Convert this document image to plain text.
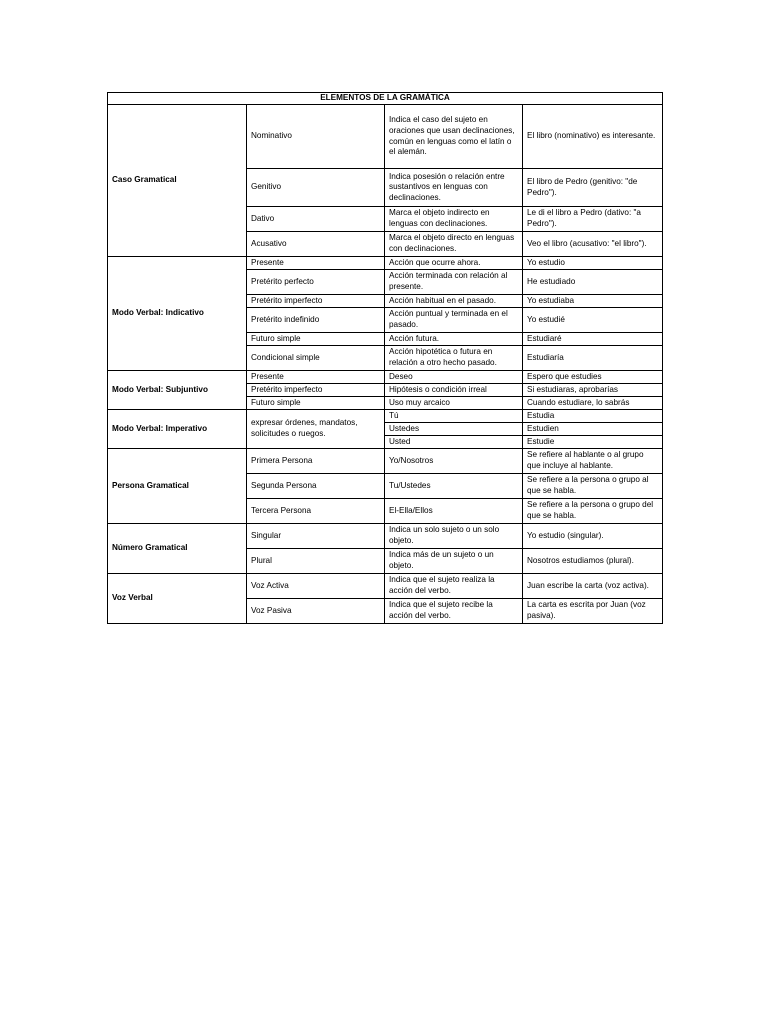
ELEMENTOS DE LA GRAMÁTICA			
Caso Gramatical	Nominativo	Indica el caso del sujeto en oraciones que usan declinaciones, común en lenguas como el latín o el alemán.	El libro (nominativo) es interesante.
	Genitivo	Indica posesión o relación entre sustantivos en lenguas con declinaciones.	El libro de Pedro (genitivo: "de Pedro").
	Dativo	Marca el objeto indirecto en lenguas con declinaciones.	Le di el libro a Pedro (dativo: "a Pedro").
	Acusativo	Marca el objeto directo en lenguas con declinaciones.	Veo el libro (acusativo: "el libro").
Modo Verbal: Indicativo	Presente	Acción que ocurre ahora.	Yo estudio
	Pretérito perfecto	Acción terminada con relación al presente.	He estudiado
	Pretérito imperfecto	Acción habitual en el pasado.	Yo estudiaba
	Pretérito indefinido	Acción puntual y terminada en el pasado.	Yo estudié
	Futuro simple	Acción futura.	Estudiaré
	Condicional simple	Acción hipotética o futura en relación a otro hecho pasado.	Estudiaría
Modo Verbal: Subjuntivo	Presente	Deseo	Espero que estudies
	Pretérito imperfecto	Hipótesis o condición irreal	Si estudiaras, aprobarías
	Futuro simple	Uso muy arcaico	Cuando estudiare, lo sabrás
Modo Verbal: Imperativo	expresar órdenes, mandatos, solicitudes o ruegos.	Tú	Estudia
		Ustedes	Estudien
		Usted	Estudie
Persona Gramatical	Primera Persona	Yo/Nosotros	Se refiere al hablante o al grupo que incluye al hablante.
	Segunda Persona	Tu/Ustedes	Se refiere a la persona o grupo al que se habla.
	Tercera Persona	El-Ella/Ellos	Se refiere a la persona o grupo del que se habla.
Número Gramatical	Singular	Indica un solo sujeto o un solo objeto.	Yo estudio (singular).
	Plural	Indica más de un sujeto o un objeto.	Nosotros estudiamos (plural).
Voz Verbal	Voz Activa	Indica que el sujeto realiza la acción del verbo.	Juan escribe la carta (voz activa).
	Voz Pasiva	Indica que el sujeto recibe la acción del verbo.	La carta es escrita por Juan (voz pasiva).
